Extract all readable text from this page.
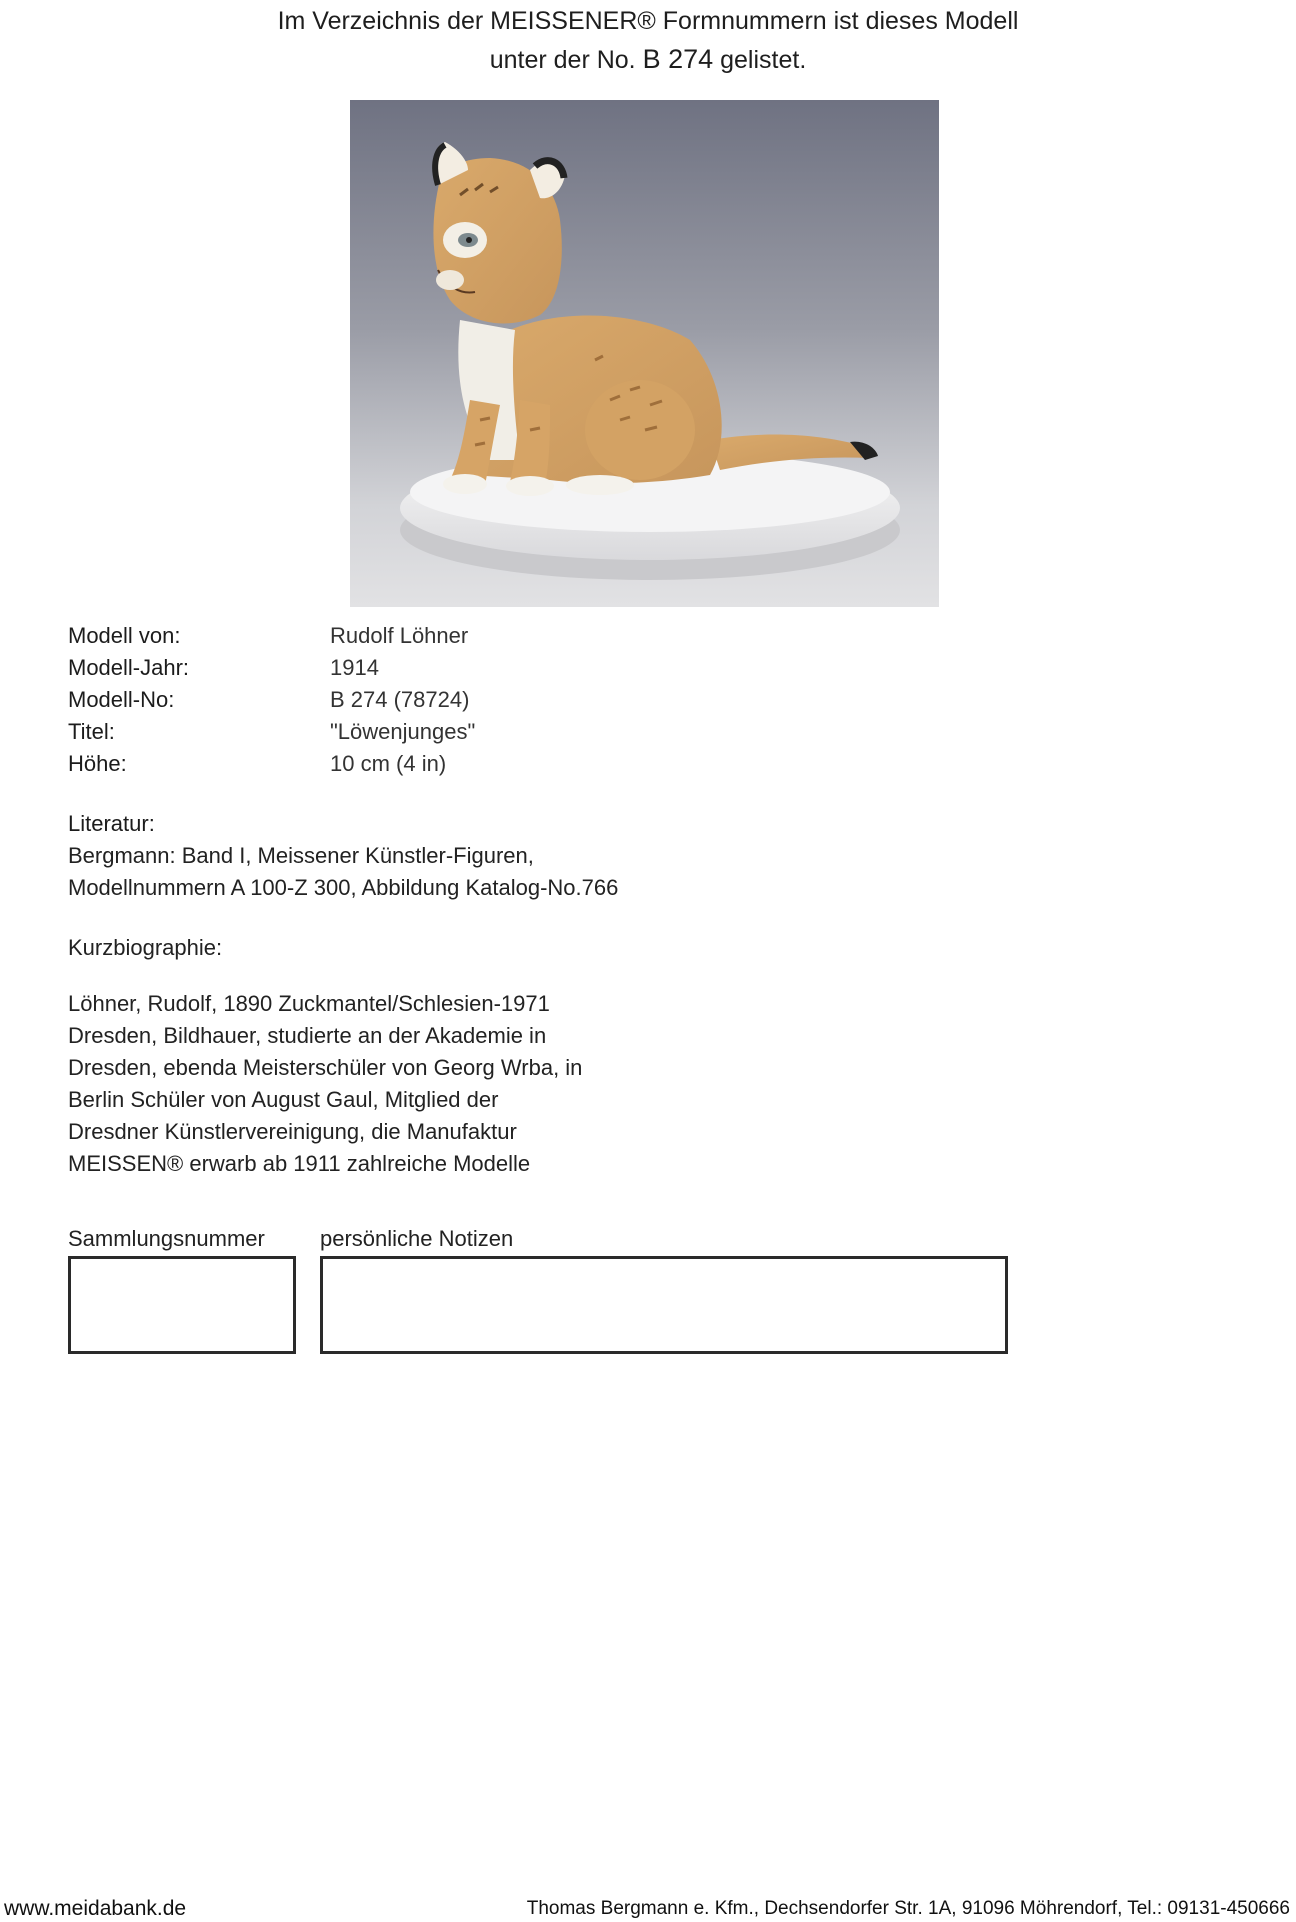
Im Verzeichnis der MEISSENER® Formnummern ist dieses Modell
unter der No. B 274 gelistet.
Modell von:	Rudolf Löhner
Modell-Jahr:	1914
Modell-No:	B 274 (78724)
Titel:	"Löwenjunges"
Höhe:	10 cm (4 in)
Literatur:
Bergmann: Band I, Meissener Künstler-Figuren,
Modellnummern A 100-Z 300, Abbildung Katalog-No.766
Kurzbiographie:
Löhner, Rudolf, 1890 Zuckmantel/Schlesien-1971
Dresden, Bildhauer, studierte an der Akademie in
Dresden, ebenda Meisterschüler von Georg Wrba, in
Berlin Schüler von August Gaul, Mitglied der
Dresdner Künstlervereinigung, die Manufaktur
MEISSEN® erwarb ab 1911 zahlreiche Modelle
Sammlungsnummer	persönliche Notizen
www.meidabank.de	Thomas Bergmann e. Kfm., Dechsendorfer Str. 1A, 91096 Möhrendorf, Tel.: 09131-450666
